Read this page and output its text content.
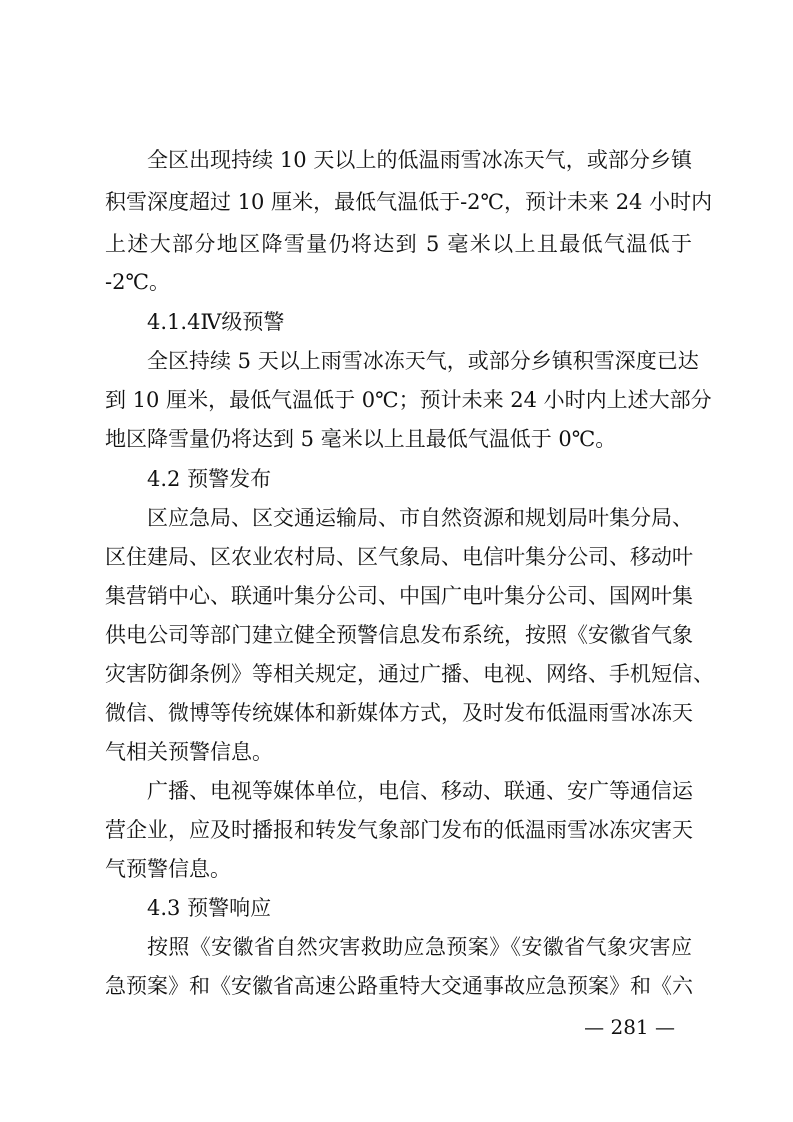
全区出现持续 10 天以上的低温雨雪冰冻天气，或部分乡镇
积雪深度超过 10 厘米，最低气温低于-2℃，预计未来 24 小时内
上述大部分地区降雪量仍将达到 5 毫米以上且最低气温低于
-2℃。
4.1.4Ⅳ级预警
全区持续 5 天以上雨雪冰冻天气，或部分乡镇积雪深度已达
到 10 厘米，最低气温低于 0℃；预计未来 24 小时内上述大部分
地区降雪量仍将达到 5 毫米以上且最低气温低于 0℃。
4.2 预警发布
区应急局、区交通运输局、市自然资源和规划局叶集分局、
区住建局、区农业农村局、区气象局、电信叶集分公司、移动叶
集营销中心、联通叶集分公司、中国广电叶集分公司、国网叶集
供电公司等部门建立健全预警信息发布系统，按照《安徽省气象
灾害防御条例》等相关规定，通过广播、电视、网络、手机短信、
微信、微博等传统媒体和新媒体方式，及时发布低温雨雪冰冻天
气相关预警信息。
广播、电视等媒体单位，电信、移动、联通、安广等通信运
营企业，应及时播报和转发气象部门发布的低温雨雪冰冻灾害天
气预警信息。
4.3 预警响应
按照《安徽省自然灾害救助应急预案》《安徽省气象灾害应
急预案》和《安徽省高速公路重特大交通事故应急预案》和《六
— 281 —
